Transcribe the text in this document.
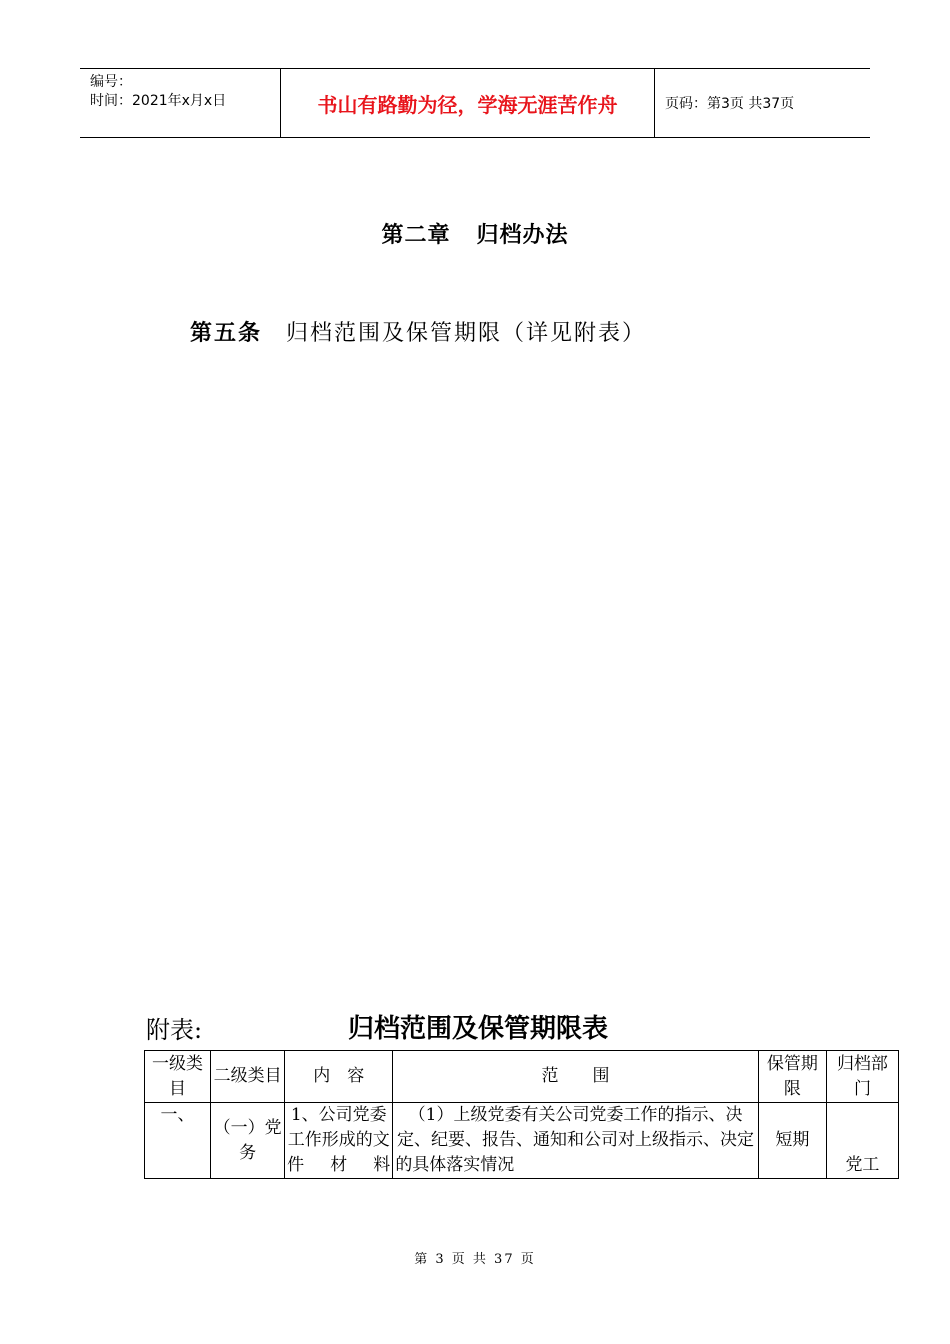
编号：
时间：2021年x月x日	书山有路勤为径，学海无涯苦作舟	页码：第3页 共37页
第二章 归档办法
第五条 归档范围及保管期限（详见附表）
附表:	归档范围及保管期限表
一级类目	二级类目	内　容	范　　围	保管期限	归档部门
一、	（一）党务	1、公司党委工作形成的文件材料	（1）上级党委有关公司党委工作的指示、决定、纪要、报告、通知和公司对上级指示、决定的具体落实情况	短期	党工
第 3 页 共 37 页
